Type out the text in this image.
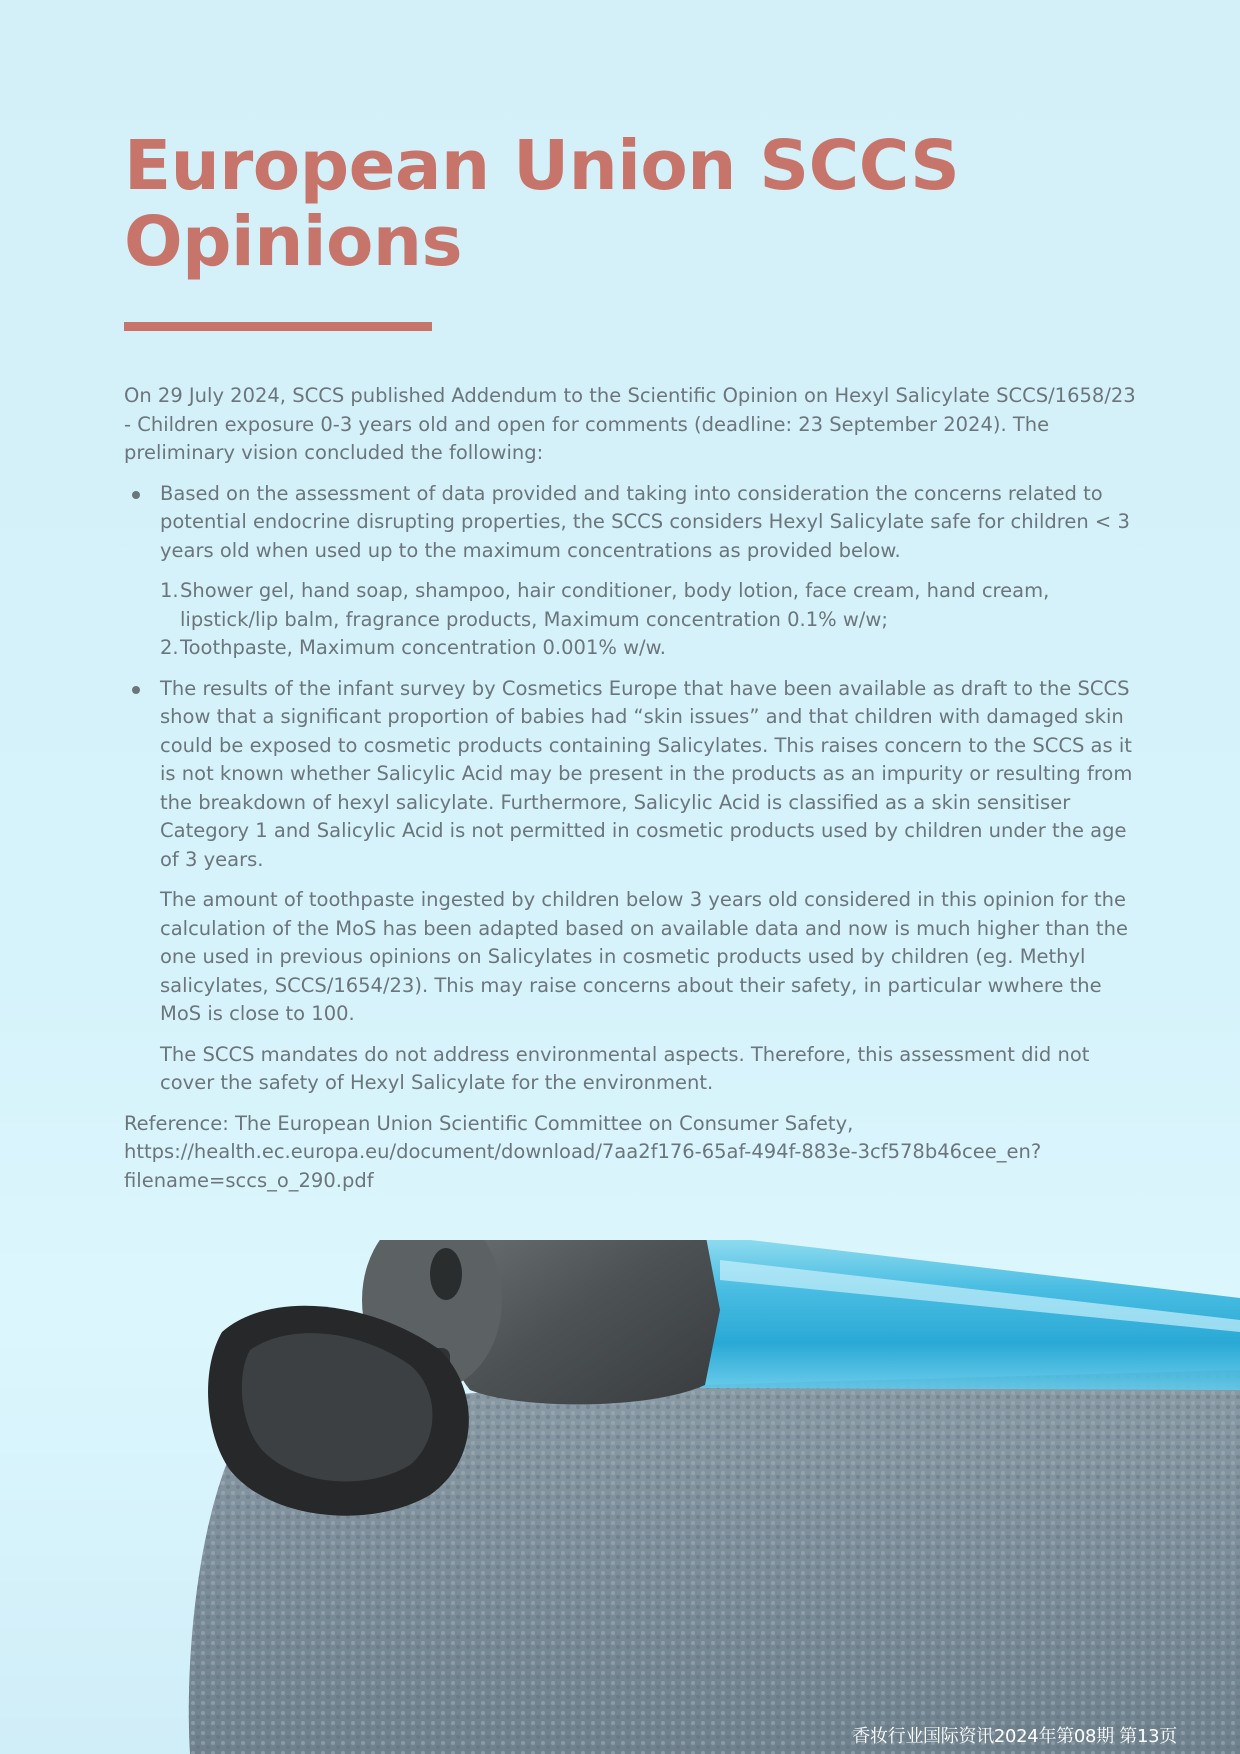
European Union SCCS Opinions

On 29 July 2024, SCCS published Addendum to the Scientific Opinion on Hexyl Salicylate SCCS/1658/23 - Children exposure 0-3 years old and open for comments (deadline: 23 September 2024). The preliminary vision concluded the following:

Based on the assessment of data provided and taking into consideration the concerns related to potential endocrine disrupting properties, the SCCS considers Hexyl Salicylate safe for children < 3 years old when used up to the maximum concentrations as provided below.
1. Shower gel, hand soap, shampoo, hair conditioner, body lotion, face cream, hand cream, lipstick/lip balm, fragrance products, Maximum concentration 0.1% w/w;
2. Toothpaste, Maximum concentration 0.001% w/w.
The results of the infant survey by Cosmetics Europe that have been available as draft to the SCCS show that a significant proportion of babies had “skin issues” and that children with damaged skin could be exposed to cosmetic products containing Salicylates. This raises concern to the SCCS as it is not known whether Salicylic Acid may be present in the products as an impurity or resulting from the breakdown of hexyl salicylate. Furthermore, Salicylic Acid is classified as a skin sensitiser Category 1 and Salicylic Acid is not permitted in cosmetic products used by children under the age of 3 years.

The amount of toothpaste ingested by children below 3 years old considered in this opinion for the calculation of the MoS has been adapted based on available data and now is much higher than the one used in previous opinions on Salicylates in cosmetic products used by children (eg. Methyl salicylates, SCCS/1654/23). This may raise concerns about their safety, in particular wwhere the MoS is close to 100.

The SCCS mandates do not address environmental aspects. Therefore, this assessment did not cover the safety of Hexyl Salicylate for the environment.

Reference: The European Union Scientific Committee on Consumer Safety,
https://health.ec.europa.eu/document/download/7aa2f176-65af-494f-883e-3cf578b46cee_en?
filename=sccs_o_290.pdf

香妆行业国际资讯2024年第08期 第13页
